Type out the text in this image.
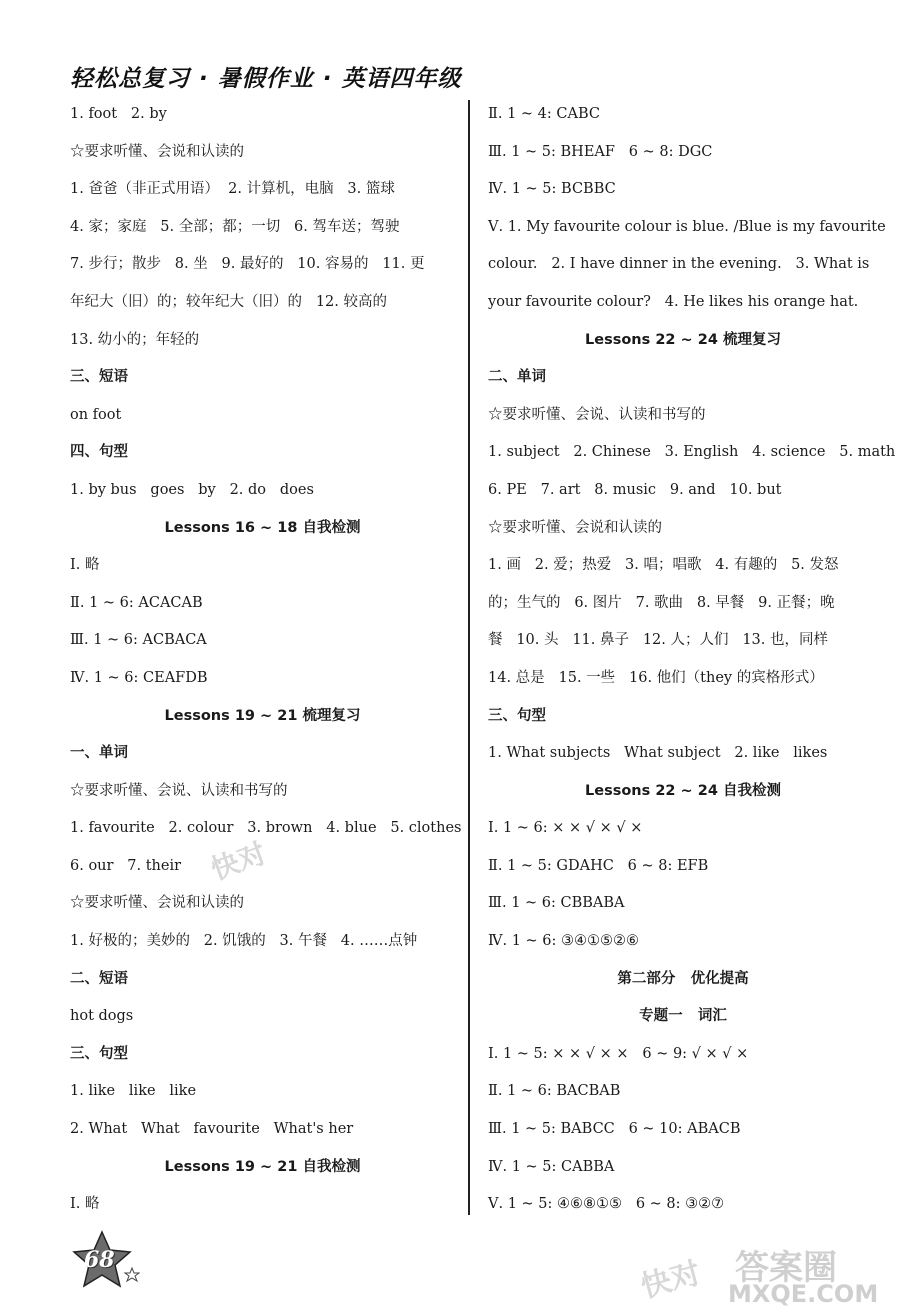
轻松总复习 · 暑假作业 · 英语四年级
1. foot   2. by
☆要求听懂、会说和认读的
1. 爸爸（非正式用语）  2. 计算机，电脑   3. 篮球
4. 家；家庭   5. 全部；都；一切   6. 驾车送；驾驶
7. 步行；散步   8. 坐   9. 最好的   10. 容易的   11. 更
年纪大（旧）的；较年纪大（旧）的   12. 较高的
13. 幼小的；年轻的
三、短语
on foot
四、句型
1. by bus   goes   by   2. do   does
Lessons 16 ~ 18 自我检测
Ⅰ. 略
Ⅱ. 1 ~ 6: ACACAB
Ⅲ. 1 ~ 6: ACBACA
Ⅳ. 1 ~ 6: CEAFDB
Lessons 19 ~ 21 梳理复习
一、单词
☆要求听懂、会说、认读和书写的
1. favourite   2. colour   3. brown   4. blue   5. clothes
6. our   7. their
☆要求听懂、会说和认读的
1. 好极的；美妙的   2. 饥饿的   3. 午餐   4. ……点钟
二、短语
hot dogs
三、句型
1. like   like   like
2. What   What   favourite   What's her
Lessons 19 ~ 21 自我检测
Ⅰ. 略
Ⅱ. 1 ~ 4: CABC
Ⅲ. 1 ~ 5: BHEAF   6 ~ 8: DGC
Ⅳ. 1 ~ 5: BCBBC
Ⅴ. 1. My favourite colour is blue. /Blue is my favourite
colour.   2. I have dinner in the evening.   3. What is
your favourite colour?   4. He likes his orange hat.
Lessons 22 ~ 24 梳理复习
二、单词
☆要求听懂、会说、认读和书写的
1. subject   2. Chinese   3. English   4. science   5. math
6. PE   7. art   8. music   9. and   10. but
☆要求听懂、会说和认读的
1. 画   2. 爱；热爱   3. 唱；唱歌   4. 有趣的   5. 发怒
的；生气的   6. 图片   7. 歌曲   8. 早餐   9. 正餐；晚
餐   10. 头   11. 鼻子   12. 人；人们   13. 也，同样
14. 总是   15. 一些   16. 他们（they 的宾格形式）
三、句型
1. What subjects   What subject   2. like   likes
Lessons 22 ~ 24 自我检测
Ⅰ. 1 ~ 6: × × √ × √ ×
Ⅱ. 1 ~ 5: GDAHC   6 ~ 8: EFB
Ⅲ. 1 ~ 6: CBBABA
Ⅳ. 1 ~ 6: ③④①⑤②⑥
第二部分   优化提高
专题一   词汇
Ⅰ. 1 ~ 5: × × √ × ×   6 ~ 9: √ × √ ×
Ⅱ. 1 ~ 6: BACBAB
Ⅲ. 1 ~ 5: BABCC   6 ~ 10: ABACB
Ⅳ. 1 ~ 5: CABBA
Ⅴ. 1 ~ 5: ④⑥⑧①⑤   6 ~ 8: ③②⑦
68
快对
快对 答案圈
MXQE.COM
